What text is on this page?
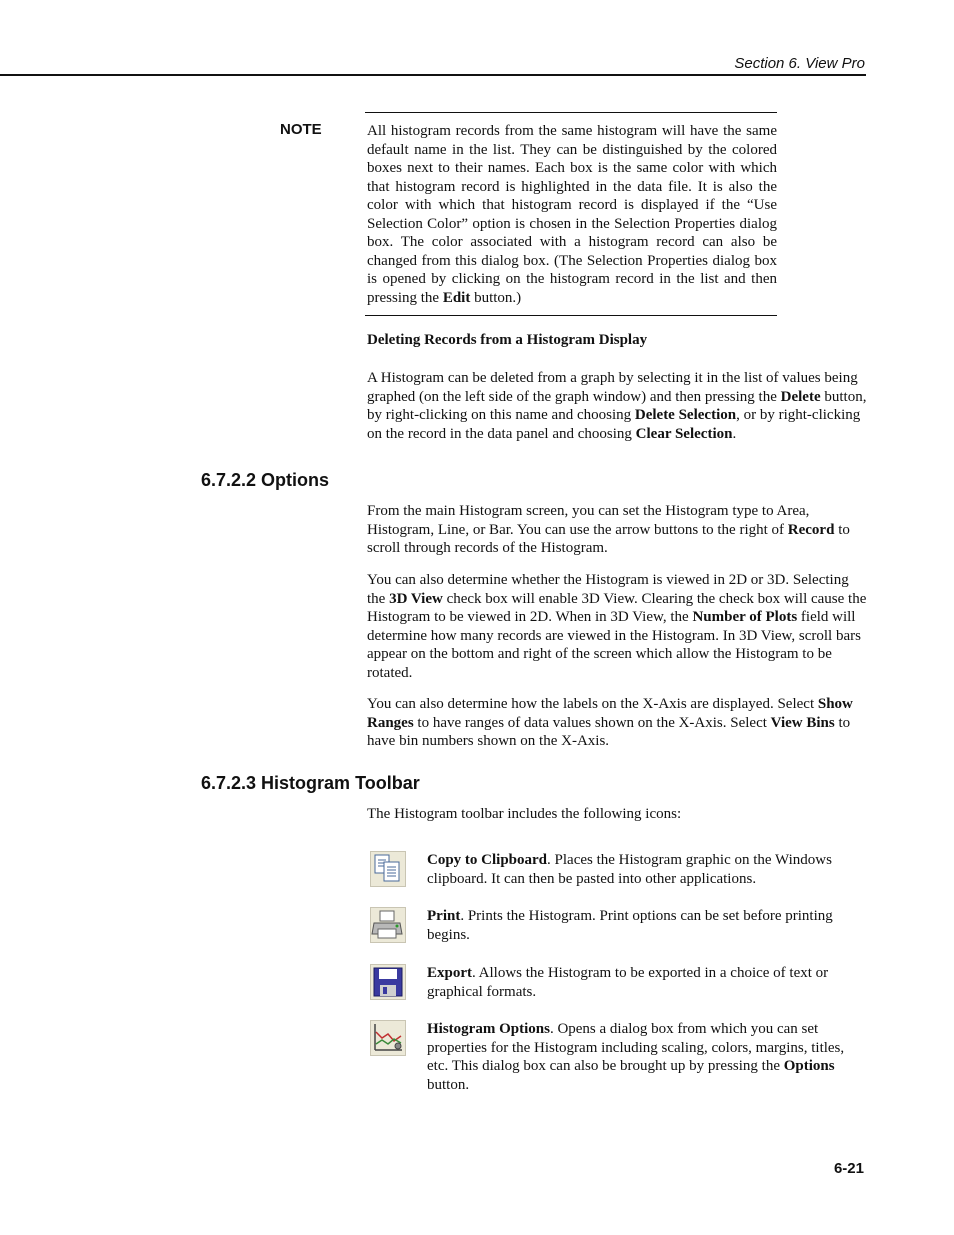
Section 6. View Pro
NOTE	All histogram records from the same histogram will have the same default name in the list. They can be distinguished by the colored boxes next to their names. Each box is the same color with which that histogram record is highlighted in the data file. It is also the color with which that histogram record is displayed if the “Use Selection Color” option is chosen in the Selection Properties dialog box. The color associated with a histogram record can also be changed from this dialog box. (The Selection Properties dialog box is opened by clicking on the histogram record in the list and then pressing the Edit button.)

Deleting Records from a Histogram Display

A Histogram can be deleted from a graph by selecting it in the list of values being graphed (on the left side of the graph window) and then pressing the Delete button, by right-clicking on this name and choosing Delete Selection, or by right-clicking on the record in the data panel and choosing Clear Selection.

6.7.2.2 Options

From the main Histogram screen, you can set the Histogram type to Area, Histogram, Line, or Bar. You can use the arrow buttons to the right of Record to scroll through records of the Histogram.

You can also determine whether the Histogram is viewed in 2D or 3D. Selecting the 3D View check box will enable 3D View. Clearing the check box will cause the Histogram to be viewed in 2D. When in 3D View, the Number of Plots field will determine how many records are viewed in the Histogram. In 3D View, scroll bars appear on the bottom and right of the screen which allow the Histogram to be rotated.

You can also determine how the labels on the X-Axis are displayed. Select Show Ranges to have ranges of data values shown on the X-Axis. Select View Bins to have bin numbers shown on the X-Axis.

6.7.2.3 Histogram Toolbar
The Histogram toolbar includes the following icons:

Copy to Clipboard. Places the Histogram graphic on the Windows clipboard. It can then be pasted into other applications.

Print. Prints the Histogram. Print options can be set before printing begins.

Export. Allows the Histogram to be exported in a choice of text or graphical formats.

Histogram Options. Opens a dialog box from which you can set properties for the Histogram including scaling, colors, margins, titles, etc. This dialog box can also be brought up by pressing the Options button.

6-21
